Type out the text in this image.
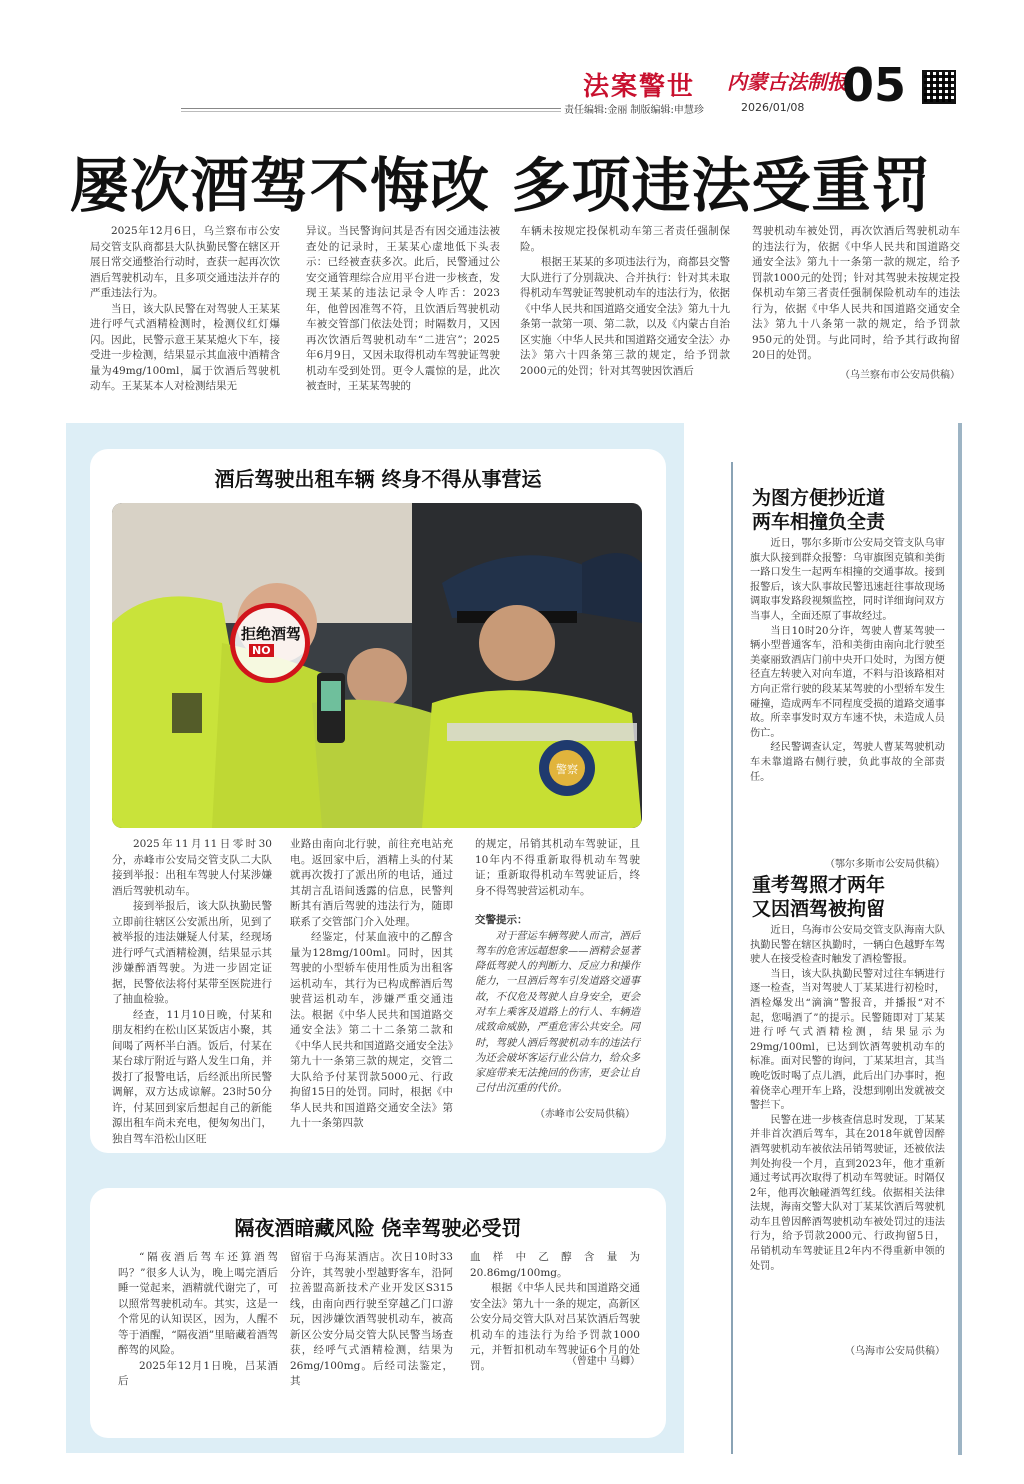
法案警世 内蒙古法制报
05
责任编辑:金丽 制版编辑:申慧珍	2026/01/08
屡次酒驾不悔改 多项违法受重罚

2025年12月6日，乌兰察布市公安局交管支队商都县大队执勤民警在辖区开展日常交通整治行动时，查获一起再次饮酒后驾驶机动车，且多项交通违法并存的严重违法行为。

当日，该大队民警在对驾驶人王某某进行呼气式酒精检测时，检测仪红灯爆闪。因此，民警示意王某某熄火下车，接受进一步检测，结果显示其血液中酒精含量为49mg/100ml，属于饮酒后驾驶机动车。王某某本人对检测结果无

异议。当民警询问其是否有因交通违法被查处的记录时，王某某心虚地低下头表示：已经被查获多次。此后，民警通过公安交通管理综合应用平台进一步核查，发现王某某的违法记录令人咋舌：2023年，他曾因准驾不符，且饮酒后驾驶机动车被交管部门依法处罚；时隔数月，又因再次饮酒后驾驶机动车“二进宫”；2025年6月9日，又因未取得机动车驾驶证驾驶机动车受到处罚。更令人震惊的是，此次被查时，王某某驾驶的

车辆未按规定投保机动车第三者责任强制保险。

根据王某某的多项违法行为，商都县交警大队进行了分别裁决、合并执行：针对其未取得机动车驾驶证驾驶机动车的违法行为，依据《中华人民共和国道路交通安全法》第九十九条第一款第一项、第二款，以及《内蒙古自治区实施〈中华人民共和国道路交通安全法〉办法》第六十四条第三款的规定，给予罚款2000元的处罚；针对其驾驶因饮酒后

驾驶机动车被处罚，再次饮酒后驾驶机动车的违法行为，依据《中华人民共和国道路交通安全法》第九十一条第一款的规定，给予罚款1000元的处罚；针对其驾驶未按规定投保机动车第三者责任强制保险机动车的违法行为，依据《中华人民共和国道路交通安全法》第九十八条第一款的规定，给予罚款950元的处罚。与此同时，给予其行政拘留20日的处罚。

（乌兰察布市公安局供稿）
酒后驾驶出租车辆 终身不得从事营运
警察
拒绝酒驾
NO

2025年11月11日零时30分，赤峰市公安局交管支队二大队接到举报：出租车驾驶人付某涉嫌酒后驾驶机动车。

接到举报后，该大队执勤民警立即前往辖区公安派出所，见到了被举报的违法嫌疑人付某，经现场进行呼气式酒精检测，结果显示其涉嫌醉酒驾驶。为进一步固定证据，民警依法将付某带至医院进行了抽血检验。

经查，11月10日晚，付某和朋友相约在松山区某饭店小聚，其间喝了两杯半白酒。饭后，付某在某台球厅附近与路人发生口角，并拨打了报警电话，后经派出所民警调解，双方达成谅解。23时50分许，付某回到家后想起自己的新能源出租车尚未充电，便匆匆出门，独自驾车沿松山区旺

业路由南向北行驶，前往充电站充电。返回家中后，酒精上头的付某就再次拨打了派出所的电话，通过其胡言乱语间透露的信息，民警判断其有酒后驾驶的违法行为，随即联系了交管部门介入处理。

经鉴定，付某血液中的乙醇含量为128mg/100ml。同时，因其驾驶的小型轿车使用性质为出租客运机动车，其行为已构成醉酒后驾驶营运机动车，涉嫌严重交通违法。根据《中华人民共和国道路交通安全法》第二十二条第二款和《中华人民共和国道路交通安全法》第九十一条第三款的规定，交管二大队给予付某罚款5000元、行政拘留15日的处罚。同时，根据《中华人民共和国道路交通安全法》第九十一条第四款

的规定，吊销其机动车驾驶证，且10年内不得重新取得机动车驾驶证；重新取得机动车驾驶证后，终身不得驾驶营运机动车。

交警提示：
对于营运车辆驾驶人而言，酒后驾车的危害远超想象——酒精会显著降低驾驶人的判断力、反应力和操作能力，一旦酒后驾车引发道路交通事故，不仅危及驾驶人自身安全，更会对车上乘客及道路上的行人、车辆造成致命威胁，严重危害公共安全。同时，驾驶人酒后驾驶机动车的违法行为还会破坏客运行业公信力，给众多家庭带来无法挽回的伤害，更会让自己付出沉重的代价。
（赤峰市公安局供稿）
隔夜酒暗藏风险 侥幸驾驶必受罚

“隔夜酒后驾车还算酒驾吗？”很多人认为，晚上喝完酒后睡一觉起来，酒精就代谢完了，可以照常驾驶机动车。其实，这是一个常见的认知误区，因为，人醒不等于酒醒，“隔夜酒”里暗藏着酒驾醉驾的风险。

2025年12月1日晚，吕某酒后

留宿于乌海某酒店。次日10时33分许，其驾驶小型越野客车，沿阿拉善盟高新技术产业开发区S315线，由南向西行驶至穿越乙门口游玩，因涉嫌饮酒驾驶机动车，被高新区公安分局交管大队民警当场查获，经呼气式酒精检测，结果为26mg/100mg。后经司法鉴定，其

血样中乙醇含量为20.86mg/100mg。

根据《中华人民共和国道路交通安全法》第九十一条的规定，高新区公安分局交管大队对吕某饮酒后驾驶机动车的违法行为给予罚款1000元，并暂扣机动车驾驶证6个月的处罚。	（曾建中 马卿）
为图方便抄近道
两车相撞负全责

近日，鄂尔多斯市公安局交管支队乌审旗大队接到群众报警：乌审旗图克镇和美街一路口发生一起两车相撞的交通事故。接到报警后，该大队事故民警迅速赶往事故现场调取事发路段视频监控，同时详细询问双方当事人，全面还原了事故经过。

当日10时20分许，驾驶人曹某驾驶一辆小型普通客车，沿和美街由南向北行驶至美豪丽致酒店门前中央开口处时，为图方便径直左转驶入对向车道，不料与沿该路相对方向正常行驶的段某某驾驶的小型轿车发生碰撞，造成两车不同程度受损的道路交通事故。所幸事发时双方车速不快，未造成人员伤亡。

经民警调查认定，驾驶人曹某驾驶机动车未靠道路右侧行驶，负此事故的全部责任。

（鄂尔多斯市公安局供稿）
重考驾照才两年
又因酒驾被拘留

近日，乌海市公安局交管支队海南大队执勤民警在辖区执勤时，一辆白色越野车驾驶人在接受检查时触发了酒检警报。

当日，该大队执勤民警对过往车辆进行逐一检查，当对驾驶人丁某某进行初检时，酒检爆发出“滴滴”警报音，并播报“对不起，您喝酒了”的提示。民警随即对丁某某进行呼气式酒精检测，结果显示为29mg/100ml，已达到饮酒驾驶机动车的标准。面对民警的询问，丁某某坦言，其当晚吃饭时喝了点儿酒，此后出门办事时，抱着侥幸心理开车上路，没想到刚出发就被交警拦下。

民警在进一步核查信息时发现，丁某某并非首次酒后驾车，其在2018年就曾因醉酒驾驶机动车被依法吊销驾驶证，还被依法判处拘役一个月，直到2023年，他才重新通过考试再次取得了机动车驾驶证。时隔仅2年，他再次触碰酒驾红线。依据相关法律法规，海南交警大队对丁某某饮酒后驾驶机动车且曾因醉酒驾驶机动车被处罚过的违法行为，给予罚款2000元、行政拘留5日，吊销机动车驾驶证且2年内不得重新申领的处罚。

（乌海市公安局供稿）
